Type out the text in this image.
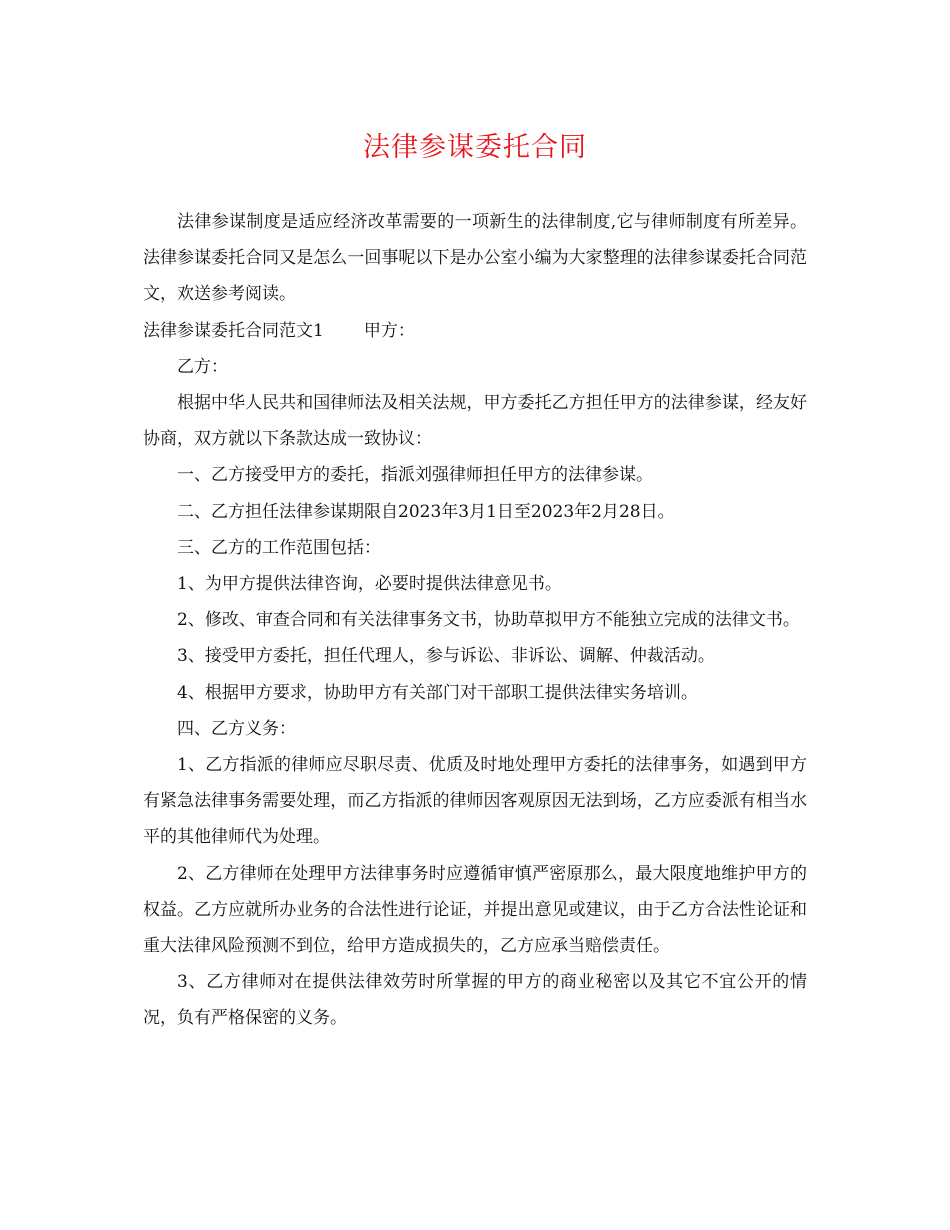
法律参谋委托合同

法律参谋制度是适应经济改革需要的一项新生的法律制度,它与律师制度有所差异。法律参谋委托合同又是怎么一回事呢以下是办公室小编为大家整理的法律参谋委托合同范文，欢送参考阅读。

法律参谋委托合同范文1 甲方：

乙方：

根据中华人民共和国律师法及相关法规，甲方委托乙方担任甲方的法律参谋，经友好协商，双方就以下条款达成一致协议：

一、乙方接受甲方的委托，指派刘强律师担任甲方的法律参谋。

二、乙方担任法律参谋期限自2023年3月1日至2023年2月28日。

三、乙方的工作范围包括：

1、为甲方提供法律咨询，必要时提供法律意见书。

2、修改、审查合同和有关法律事务文书，协助草拟甲方不能独立完成的法律文书。

3、接受甲方委托，担任代理人，参与诉讼、非诉讼、调解、仲裁活动。

4、根据甲方要求，协助甲方有关部门对干部职工提供法律实务培训。

四、乙方义务：

1、乙方指派的律师应尽职尽责、优质及时地处理甲方委托的法律事务，如遇到甲方有紧急法律事务需要处理，而乙方指派的律师因客观原因无法到场，乙方应委派有相当水平的其他律师代为处理。

2、乙方律师在处理甲方法律事务时应遵循审慎严密原那么，最大限度地维护甲方的权益。乙方应就所办业务的合法性进行论证，并提出意见或建议，由于乙方合法性论证和重大法律风险预测不到位，给甲方造成损失的，乙方应承当赔偿责任。

3、乙方律师对在提供法律效劳时所掌握的甲方的商业秘密以及其它不宜公开的情况，负有严格保密的义务。
